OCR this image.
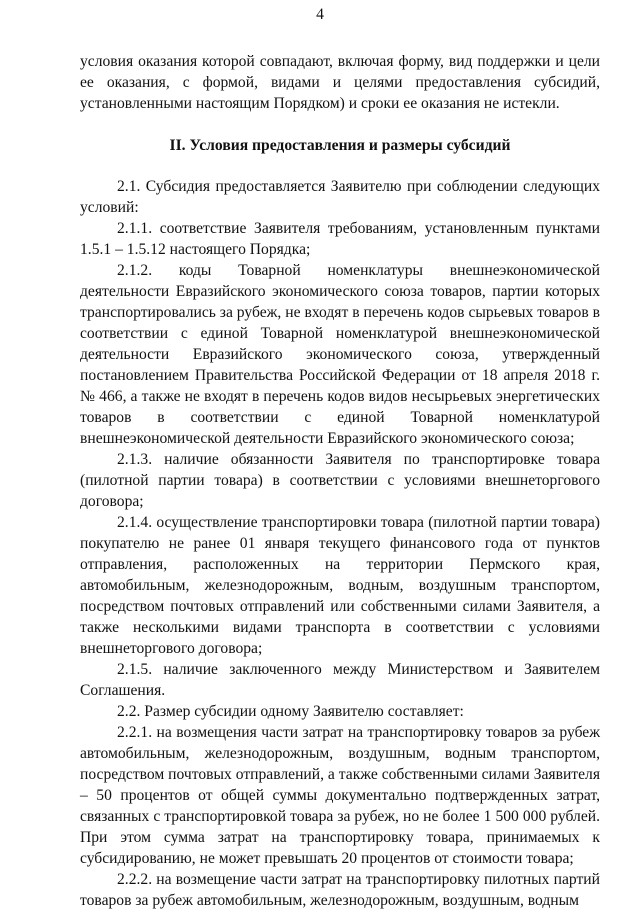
4

условия оказания которой совпадают, включая форму, вид поддержки и цели ее оказания, с формой, видами и целями предоставления субсидий, установленными настоящим Порядком) и сроки ее оказания не истекли.

II. Условия предоставления и размеры субсидий

2.1. Субсидия предоставляется Заявителю при соблюдении следующих условий:

2.1.1. соответствие Заявителя требованиям, установленным пунктами 1.5.1 – 1.5.12 настоящего Порядка;

2.1.2. коды Товарной номенклатуры внешнеэкономической деятельности Евразийского экономического союза товаров, партии которых транспортировались за рубеж, не входят в перечень кодов сырьевых товаров в соответствии с единой Товарной номенклатурой внешнеэкономической деятельности Евразийского экономического союза, утвержденный постановлением Правительства Российской Федерации от 18 апреля 2018 г. № 466, а также не входят в перечень кодов видов несырьевых энергетических товаров в соответствии с единой Товарной номенклатурой внешнеэкономической деятельности Евразийского экономического союза;

2.1.3. наличие обязанности Заявителя по транспортировке товара (пилотной партии товара) в соответствии с условиями внешнеторгового договора;

2.1.4. осуществление транспортировки товара (пилотной партии товара) покупателю не ранее 01 января текущего финансового года от пунктов отправления, расположенных на территории Пермского края, автомобильным, железнодорожным, водным, воздушным транспортом, посредством почтовых отправлений или собственными силами Заявителя, а также несколькими видами транспорта в соответствии с условиями внешнеторгового договора;

2.1.5. наличие заключенного между Министерством и Заявителем Соглашения.

2.2. Размер субсидии одному Заявителю составляет:

2.2.1. на возмещения части затрат на транспортировку товаров за рубеж автомобильным, железнодорожным, воздушным, водным транспортом, посредством почтовых отправлений, а также собственными силами Заявителя – 50 процентов от общей суммы документально подтвержденных затрат, связанных с транспортировкой товара за рубеж, но не более 1 500 000 рублей. При этом сумма затрат на транспортировку товара, принимаемых к субсидированию, не может превышать 20 процентов от стоимости товара;

2.2.2. на возмещение части затрат на транспортировку пилотных партий товаров за рубеж автомобильным, железнодорожным, воздушным, водным
